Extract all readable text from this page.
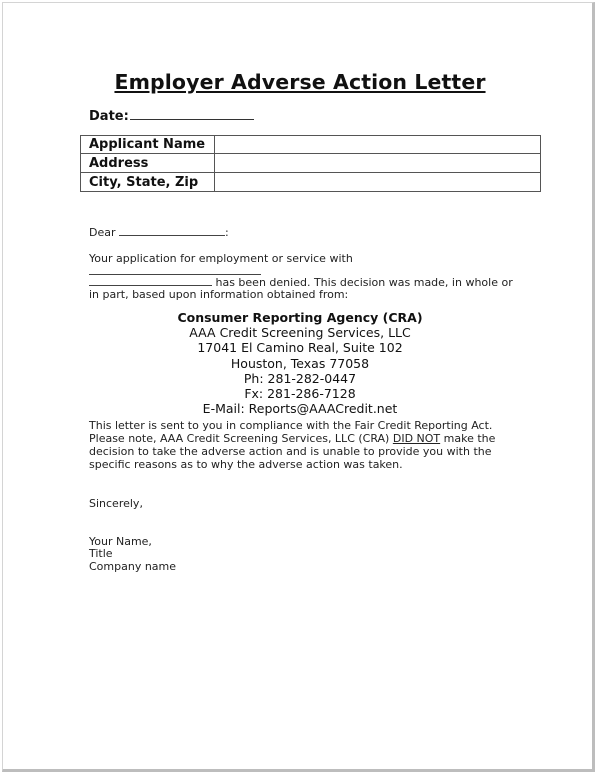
Employer Adverse Action Letter
Date:
Applicant Name	
Address	
City, State, Zip	
Dear	:
Your application for employment or service with
has been denied. This decision was made, in whole or
in part, based upon information obtained from:
Consumer Reporting Agency (CRA)
AAA Credit Screening Services, LLC
17041 El Camino Real, Suite 102
Houston, Texas 77058
Ph: 281-282-0447
Fx: 281-286-7128
E-Mail: Reports@AAACredit.net
This letter is sent to you in compliance with the Fair Credit Reporting Act.
Please note, AAA Credit Screening Services, LLC (CRA) DID NOT make the
decision to take the adverse action and is unable to provide you with the
specific reasons as to why the adverse action was taken.
Sincerely,
Your Name,
Title
Company name
